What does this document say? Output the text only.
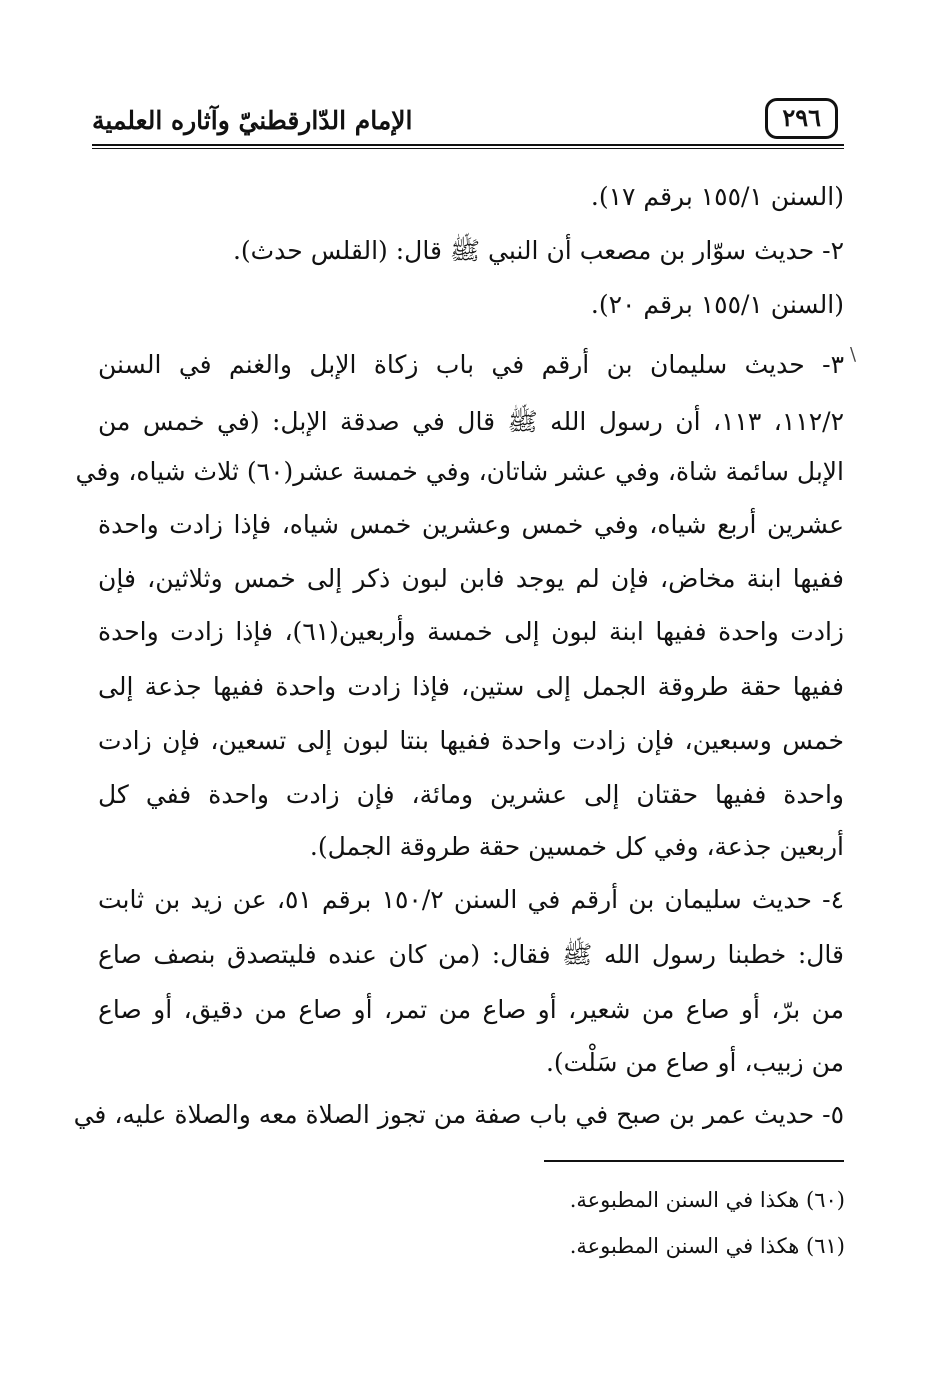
الإمام الدّارقطنيّ وآثاره العلمية	٢٩٦
\
(السنن ١٥٥/١ برقم ١٧).
٢- حديث سوّار بن مصعب أن النبي ﷺ قال: (القلس حدث).
(السنن ١٥٥/١ برقم ٢٠).
٣- حديث سليمان بن أرقم في باب زكاة الإبل والغنم في السنن
١١٢/٢، ١١٣، أن رسول الله ﷺ قال في صدقة الإبل: (في خمس من
الإبل سائمة شاة، وفي عشر شاتان، وفي خمسة عشر(٦٠) ثلاث شياه، وفي
عشرين أربع شياه، وفي خمس وعشرين خمس شياه، فإذا زادت واحدة
ففيها ابنة مخاض، فإن لم يوجد فابن لبون ذكر إلى خمس وثلاثين، فإن
زادت واحدة ففيها ابنة لبون إلى خمسة وأربعين(٦١)، فإذا زادت واحدة
ففيها حقة طروقة الجمل إلى ستين، فإذا زادت واحدة ففيها جذعة إلى
خمس وسبعين، فإن زادت واحدة ففيها بنتا لبون إلى تسعين، فإن زادت
واحدة ففيها حقتان إلى عشرين ومائة، فإن زادت واحدة ففي كل
أربعين جذعة، وفي كل خمسين حقة طروقة الجمل).
٤- حديث سليمان بن أرقم في السنن ١٥٠/٢ برقم ٥١، عن زيد بن ثابت
قال: خطبنا رسول الله ﷺ فقال: (من كان عنده فليتصدق بنصف صاع
من برّ، أو صاع من شعير، أو صاع من تمر، أو صاع من دقيق، أو صاع
من زبيب، أو صاع من سَلْت).
٥- حديث عمر بن صبح في باب صفة من تجوز الصلاة معه والصلاة عليه، في
(٦٠) هكذا في السنن المطبوعة.
(٦١) هكذا في السنن المطبوعة.
